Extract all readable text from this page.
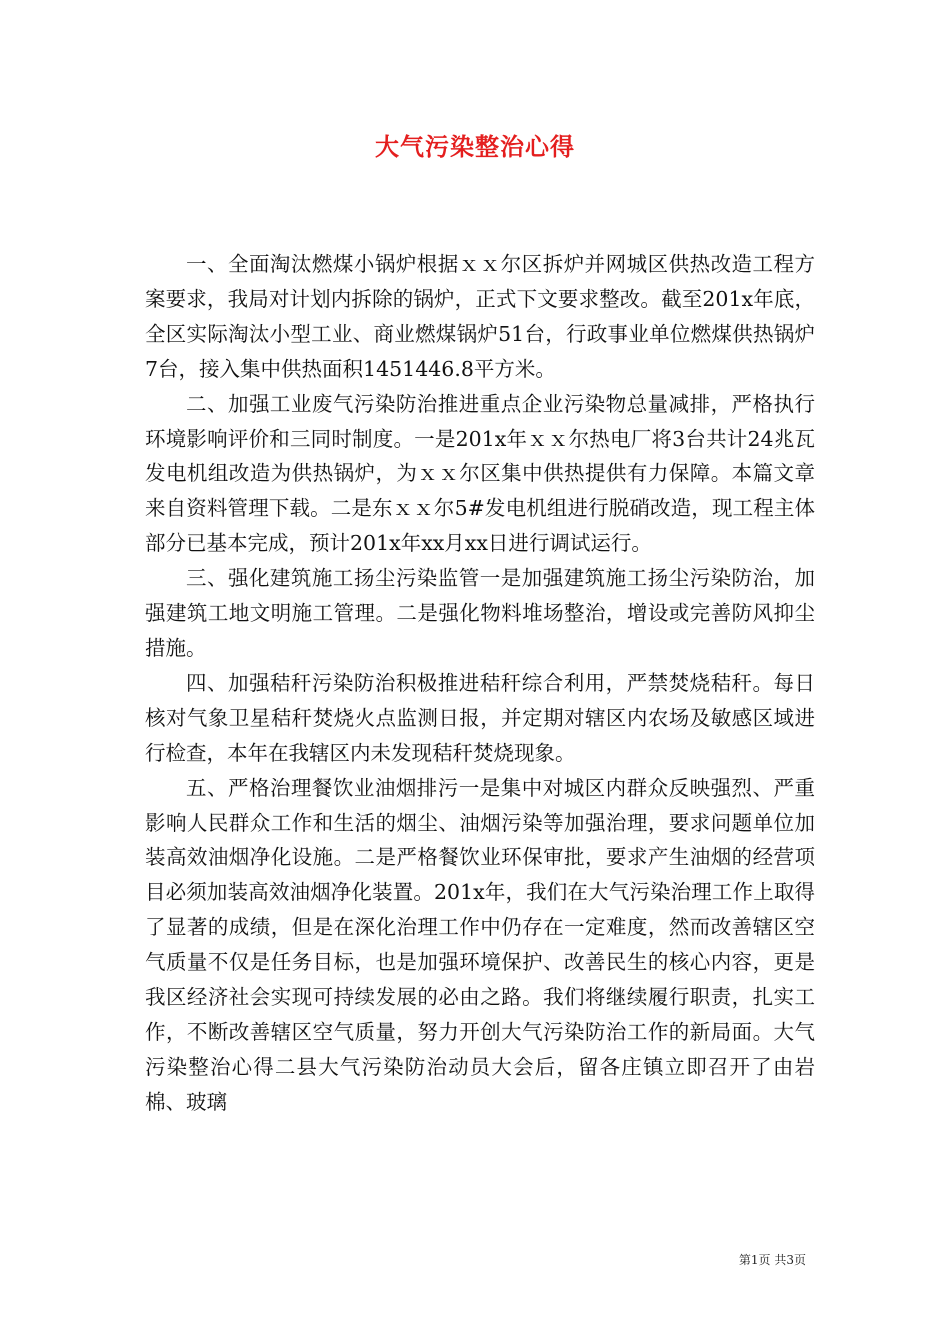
大气污染整治心得

一、全面淘汰燃煤小锅炉根据ｘｘ尔区拆炉并网城区供热改造工程方案要求，我局对计划内拆除的锅炉，正式下文要求整改。截至201x年底，全区实际淘汰小型工业、商业燃煤锅炉51台，行政事业单位燃煤供热锅炉7台，接入集中供热面积1451446.8平方米。

二、加强工业废气污染防治推进重点企业污染物总量减排，严格执行环境影响评价和三同时制度。一是201x年ｘｘ尔热电厂将3台共计24兆瓦发电机组改造为供热锅炉，为ｘｘ尔区集中供热提供有力保障。本篇文章来自资料管理下载。二是东ｘｘ尔5#发电机组进行脱硝改造，现工程主体部分已基本完成，预计201x年xx月xx日进行调试运行。

三、强化建筑施工扬尘污染监管一是加强建筑施工扬尘污染防治，加强建筑工地文明施工管理。二是强化物料堆场整治，增设或完善防风抑尘措施。

四、加强秸秆污染防治积极推进秸秆综合利用，严禁焚烧秸秆。每日核对气象卫星秸秆焚烧火点监测日报，并定期对辖区内农场及敏感区域进行检查，本年在我辖区内未发现秸秆焚烧现象。

五、严格治理餐饮业油烟排污一是集中对城区内群众反映强烈、严重影响人民群众工作和生活的烟尘、油烟污染等加强治理，要求问题单位加装高效油烟净化设施。二是严格餐饮业环保审批，要求产生油烟的经营项目必须加装高效油烟净化装置。201x年，我们在大气污染治理工作上取得了显著的成绩，但是在深化治理工作中仍存在一定难度，然而改善辖区空气质量不仅是任务目标，也是加强环境保护、改善民生的核心内容，更是我区经济社会实现可持续发展的必由之路。我们将继续履行职责，扎实工作，不断改善辖区空气质量，努力开创大气污染防治工作的新局面。大气污染整治心得二县大气污染防治动员大会后，留各庄镇立即召开了由岩棉、玻璃

第1页 共3页
